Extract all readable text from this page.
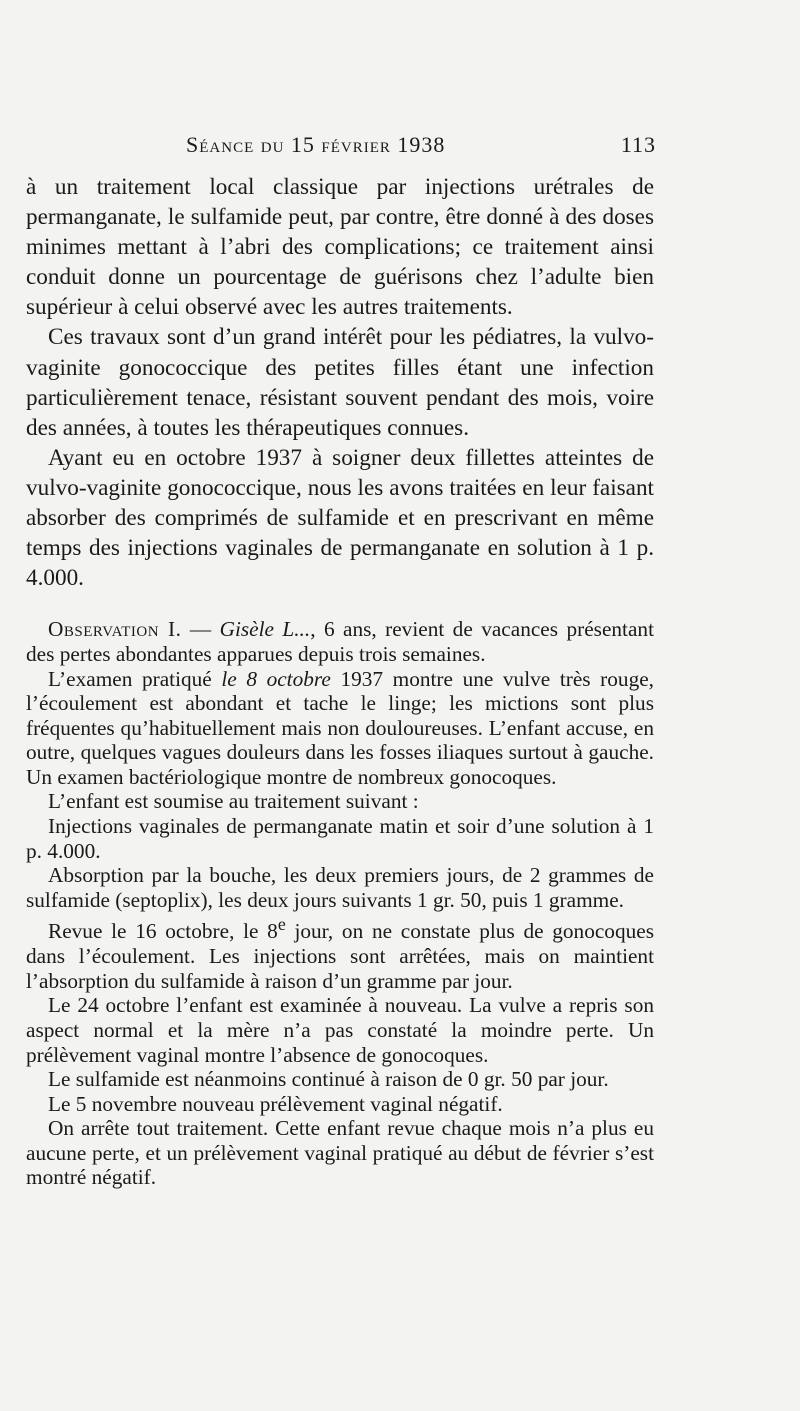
Séance du 15 février 1938	113

à un traitement local classique par injections urétrales de permanganate, le sulfamide peut, par contre, être donné à des doses minimes mettant à l’abri des complications; ce traitement ainsi conduit donne un pourcentage de guérisons chez l’adulte bien supérieur à celui observé avec les autres traitements.

Ces travaux sont d’un grand intérêt pour les pédiatres, la vulvo-vaginite gonococcique des petites filles étant une infection particulièrement tenace, résistant souvent pendant des mois, voire des années, à toutes les thérapeutiques connues.

Ayant eu en octobre 1937 à soigner deux fillettes atteintes de vulvo-vaginite gonococcique, nous les avons traitées en leur faisant absorber des comprimés de sulfamide et en prescrivant en même temps des injections vaginales de permanganate en solution à 1 p. 4.000.

Observation I. — Gisèle L..., 6 ans, revient de vacances présentant des pertes abondantes apparues depuis trois semaines.

L’examen pratiqué le 8 octobre 1937 montre une vulve très rouge, l’écoulement est abondant et tache le linge; les mictions sont plus fréquentes qu’habituellement mais non douloureuses. L’enfant accuse, en outre, quelques vagues douleurs dans les fosses iliaques surtout à gauche. Un examen bactériologique montre de nombreux gonocoques.

L’enfant est soumise au traitement suivant :

Injections vaginales de permanganate matin et soir d’une solution à 1 p. 4.000.

Absorption par la bouche, les deux premiers jours, de 2 grammes de sulfamide (septoplix), les deux jours suivants 1 gr. 50, puis 1 gramme.

Revue le 16 octobre, le 8e jour, on ne constate plus de gonocoques dans l’écoulement. Les injections sont arrêtées, mais on maintient l’absorption du sulfamide à raison d’un gramme par jour.

Le 24 octobre l’enfant est examinée à nouveau. La vulve a repris son aspect normal et la mère n’a pas constaté la moindre perte. Un prélèvement vaginal montre l’absence de gonocoques.

Le sulfamide est néanmoins continué à raison de 0 gr. 50 par jour.

Le 5 novembre nouveau prélèvement vaginal négatif.

On arrête tout traitement. Cette enfant revue chaque mois n’a plus eu aucune perte, et un prélèvement vaginal pratiqué au début de février s’est montré négatif.
